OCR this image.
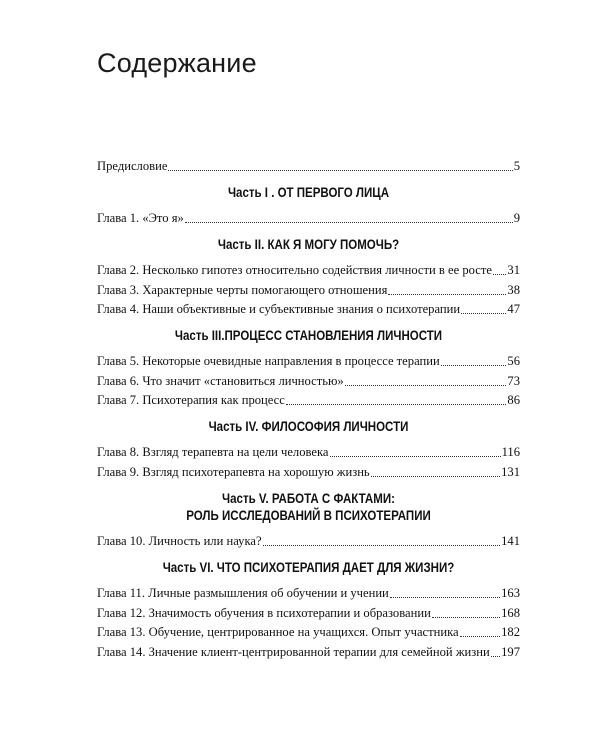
Содержание
Предисловие	5
Часть I . ОТ ПЕРВОГО ЛИЦА
Глава 1. «Это я»	9
Часть II. КАК Я МОГУ ПОМОЧЬ?
Глава 2. Несколько гипотез относительно содействия личности в ее росте 31
Глава 3. Характерные черты помогающего отношения	38
Глава 4. Наши объективные и субъективные знания о психотерапии	47
Часть III.ПРОЦЕСС СТАНОВЛЕНИЯ ЛИЧНОСТИ
Глава 5. Некоторые очевидные направления в процессе терапии	56
Глава 6. Что значит «становиться личностью»	73
Глава 7. Психотерапия как процесс	86
Часть IV. ФИЛОСОФИЯ ЛИЧНОСТИ
Глава 8. Взгляд терапевта на цели человека	116
Глава 9. Взгляд психотерапевта на хорошую жизнь	131
Часть V. РАБОТА С ФАКТАМИ:
РОЛЬ ИССЛЕДОВАНИЙ В ПСИХОТЕРАПИИ
Глава 10. Личность или наука?	141
Часть VI. ЧТО ПСИХОТЕРАПИЯ ДАЕТ ДЛЯ ЖИЗНИ?
Глава 11. Личные размышления об обучении и учении	163
Глава 12. Значимость обучения в психотерапии и образовании	168
Глава 13. Обучение, центрированное на учащихся. Опыт участника	182
Глава 14. Значение клиент-центрированной терапии для семейной жизни 197
